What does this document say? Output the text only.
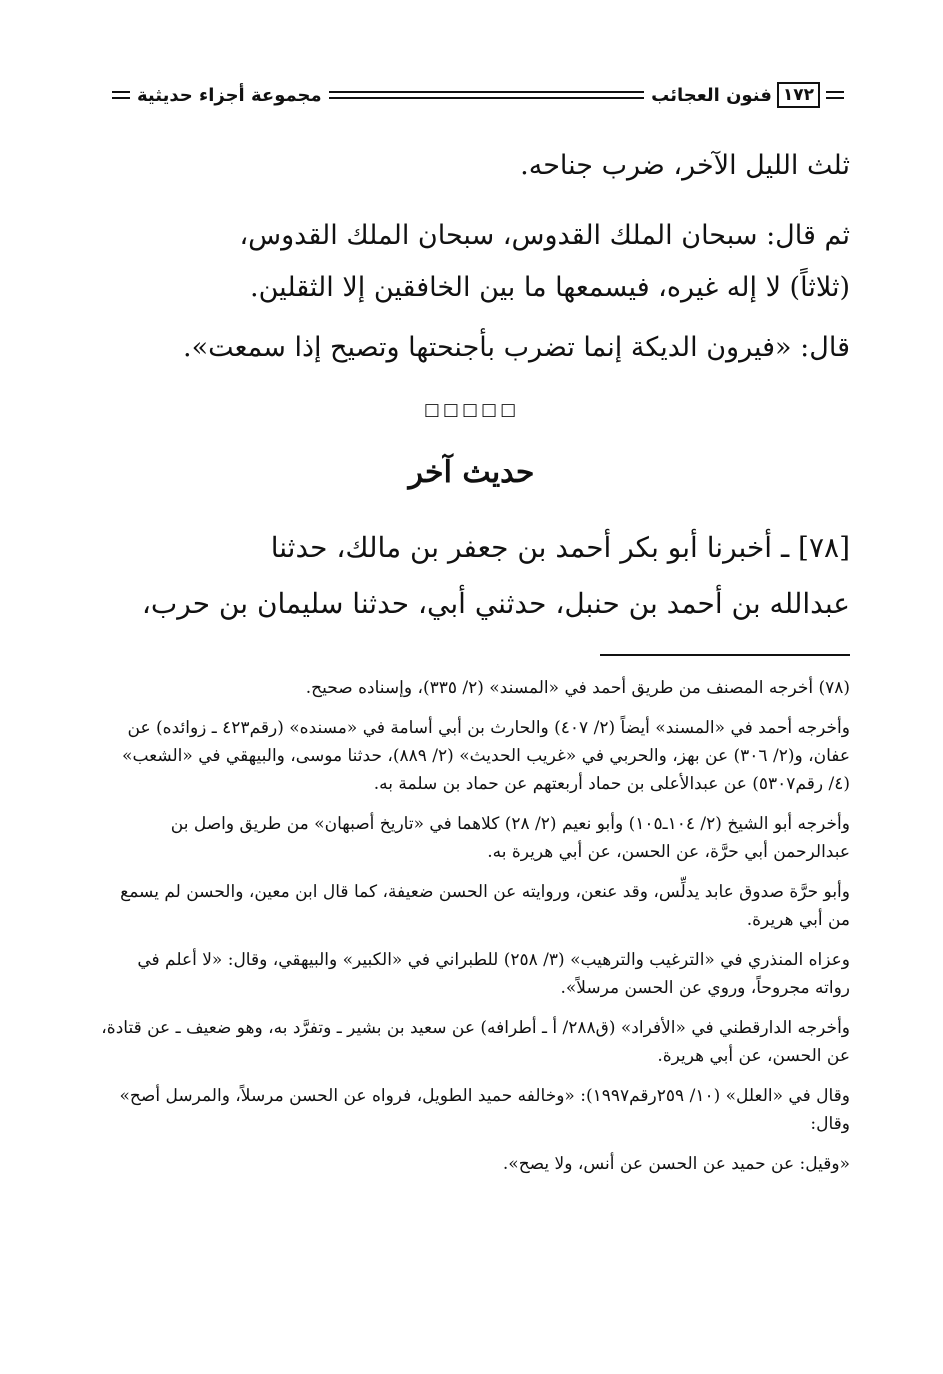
١٧٢
فنون العجائب
مجموعة أجزاء حديثية
ثلث الليل الآخر، ضرب جناحه.
ثم قال: سبحان الملك القدوس، سبحان الملك القدوس،
(ثلاثاً) لا إله غيره، فيسمعها ما بين الخافقين إلا الثقلين.
قال: «فيرون الديكة إنما تضرب بأجنحتها وتصيح إذا سمعت».
□□□□□
حديث آخر
[٧٨] ـ أخبرنا أبو بكر أحمد بن جعفر بن مالك، حدثنا
عبدالله بن أحمد بن حنبل، حدثني أبي، حدثنا سليمان بن حرب،

(٧٨) أخرجه المصنف من طريق أحمد في «المسند» (٢/ ٣٣٥)، وإسناده صحيح.

وأخرجه أحمد في «المسند» أيضاً (٢/ ٤٠٧) والحارث بن أبي أسامة في «مسنده» (رقم٤٢٣ ـ زوائده) عن عفان، و(٢/ ٣٠٦) عن بهز، والحربي في «غريب الحديث» (٢/ ٨٨٩)، حدثنا موسى، والبيهقي في «الشعب» (٤/ رقم٥٣٠٧) عن عبدالأعلى بن حماد أربعتهم عن حماد بن سلمة به.

وأخرجه أبو الشيخ (٢/ ١٠٤ـ١٠٥) وأبو نعيم (٢/ ٢٨) كلاهما في «تاريخ أصبهان» من طريق واصل بن عبدالرحمن أبي حرَّة، عن الحسن، عن أبي هريرة به.

وأبو حرَّة صدوق عابد يدلِّس، وقد عنعن، وروايته عن الحسن ضعيفة، كما قال ابن معين، والحسن لم يسمع من أبي هريرة.

وعزاه المنذري في «الترغيب والترهيب» (٣/ ٢٥٨) للطبراني في «الكبير» والبيهقي، وقال: «لا أعلم في رواته مجروحاً، وروي عن الحسن مرسلاً».

وأخرجه الدارقطني في «الأفراد» (ق٢٨٨/ أ ـ أطرافه) عن سعيد بن بشير ـ وتفرَّد به، وهو ضعيف ـ عن قتادة، عن الحسن، عن أبي هريرة.

وقال في «العلل» (١٠/ ٢٥٩رقم١٩٩٧): «وخالفه حميد الطويل، فرواه عن الحسن مرسلاً، والمرسل أصح» وقال:

«وقيل: عن حميد عن الحسن عن أنس، ولا يصح».
